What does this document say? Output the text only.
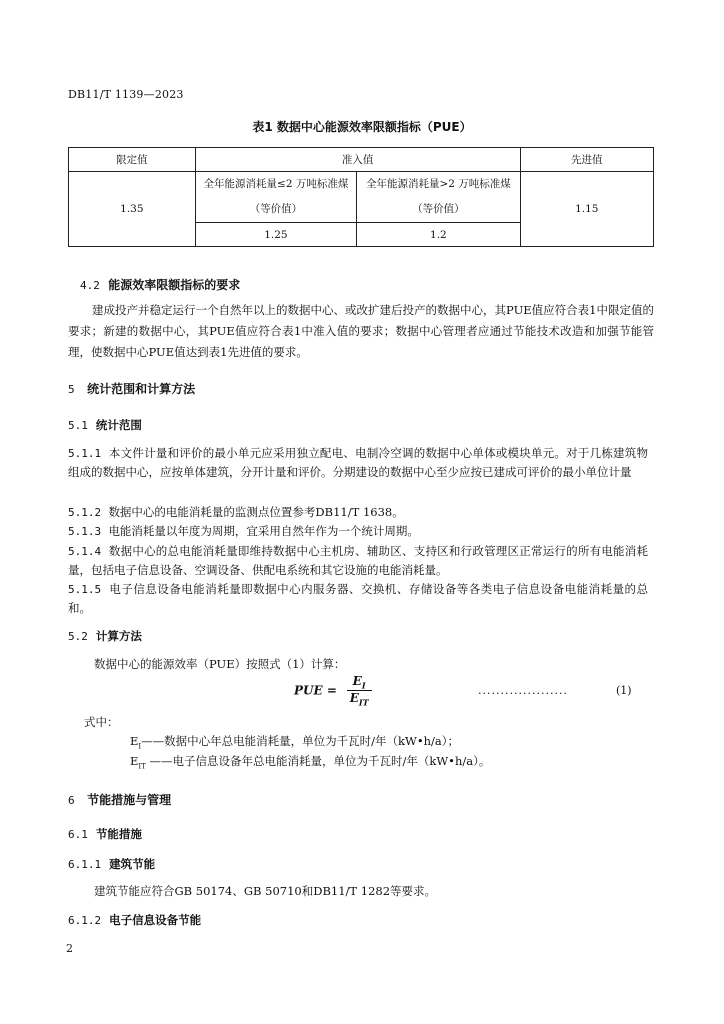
DB11/T 1139—2023
表1 数据中心能源效率限额指标（PUE）
限定值	准入值		先进值
1.35	全年能源消耗量≤2 万吨标准煤（等价值）	全年能源消耗量>2 万吨标准煤（等价值）	1.15
	1.25	1.2	
4.2 能源效率限额指标的要求
建成投产并稳定运行一个自然年以上的数据中心、或改扩建后投产的数据中心，其PUE值应符合表1中限定值的要求；新建的数据中心，其PUE值应符合表1中准入值的要求；数据中心管理者应通过节能技术改造和加强节能管理，使数据中心PUE值达到表1先进值的要求。
5 统计范围和计算方法
5.1 统计范围
5.1.1 本文件计量和评价的最小单元应采用独立配电、电制冷空调的数据中心单体或模块单元。对于几栋建筑物组成的数据中心，应按单体建筑，分开计量和评价。分期建设的数据中心至少应按已建成可评价的最小单位计量
5.1.2 数据中心的电能消耗量的监测点位置参考DB11/T 1638。
5.1.3 电能消耗量以年度为周期，宜采用自然年作为一个统计周期。
5.1.4 数据中心的总电能消耗量即维持数据中心主机房、辅助区、支持区和行政管理区正常运行的所有电能消耗量，包括电子信息设备、空调设备、供配电系统和其它设施的电能消耗量。
5.1.5 电子信息设备电能消耗量即数据中心内服务器、交换机、存储设备等各类电子信息设备电能消耗量的总和。
5.2 计算方法
数据中心的能源效率（PUE）按照式（1）计算：
PUE = $\frac{E_I}{E_{IT}}$	....................	(1)
式中：
$E_I——$数据中心年总电能消耗量，单位为千瓦时/年（kW•h/a）；
$E_{IT}$ ——电子信息设备年总电能消耗量，单位为千瓦时/年（kW•h/a）。
6 节能措施与管理
6.1 节能措施
6.1.1 建筑节能
建筑节能应符合GB 50174、GB 50710和DB11/T 1282等要求。
6.1.2 电子信息设备节能
2
